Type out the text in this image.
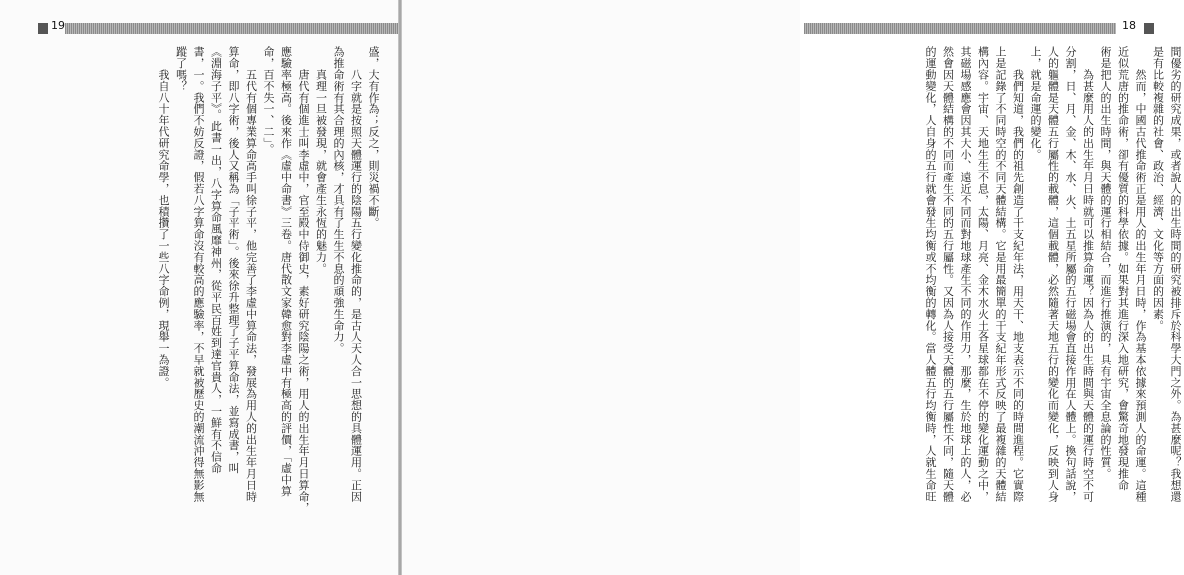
19
盛，大有作為；反之，則災禍不斷。
　　八字就是按照天體運行的陰陽五行變化推命的，是古人天人合一思想的具體運用。正因
為推命術有其合理的內核，才具有了生生不息的頑強生命力。
　　真理一旦被發現，就會產生永恆的魅力。
　　唐代有個進士叫李虛中，官至殿中侍御史，素好研究陰陽之術，用人的出生年月日算命，
應驗率極高。後來作《虛中命書》三卷。唐代散文家韓愈對李虛中有極高的評價，「虛中算
命，百不失一、二」。
　　五代有個專業算命高手叫徐子平，他完善了李虛中算命法，發展為用人的出生年月日時
算命，即八字術，後人又稱為「子平術」。後來徐升整理了子平算命法，並寫成書，叫
《淵海子平》。此書一出，八字算命風靡神州，從平民百姓到達官貴人，一鮮有不信命
書，一。我們不妨反證，假若八字算命沒有較高的應驗率，不早就被歷史的潮流沖得無影無
蹤了嗎？
　　我自八十年代研究命學，也積攢了一些八字命例，現舉一為證。
18
間優劣的研究成果，或者說人的出生時間的研究被排斥於科學大門之外。為甚麼呢？我想還
是有比較複雜的社會、政治、經濟、文化等方面的因素。
　　然而，中國古代推命術正是用人的出生年月日時，作為基本依據來預測人的命運。這種
近似荒唐的推命術，卻有優質的科學依據。如果對其進行深入地研究，會驚奇地發現推命
術是把人的出生時間，與天體的運行相結合，而進行推演的，具有宇宙全息論的性質。
　　為甚麼用人的出生年月日時就可以推算命運？因為人的出生時間與天體的運行時空不可
分割，日、月、金、木、水、火、土五星所屬的五行磁場會直接作用在人體上。換句話說，
人的軀體是天體五行屬性的載體，這個載體，必然隨著天地五行的變化而變化，反映到人身
上，就是命運的變化。
　　我們知道，我們的祖先創造了干支紀年法，用天干、地支表示不同的時間進程。它實際
上是記錄了不同時空的不同天體結構。它是用最簡單的干支紀年形式反映了最複雜的天體結
構內容。宇宙、天地生生不息，太陽、月亮、金木水火土各星球都在不停的變化運動之中，
其磁場感應會因其大小、遠近不同而對地球產生不同的作用力，那麼，生於地球上的人，必
然會因天體結構的不同而產生不同的五行屬性。又因為人接受天體的五行屬性不同，隨天體
的運動變化，人自身的五行就會發生均衡或不均衡的轉化。當人體五行均衡時，人就生命旺
